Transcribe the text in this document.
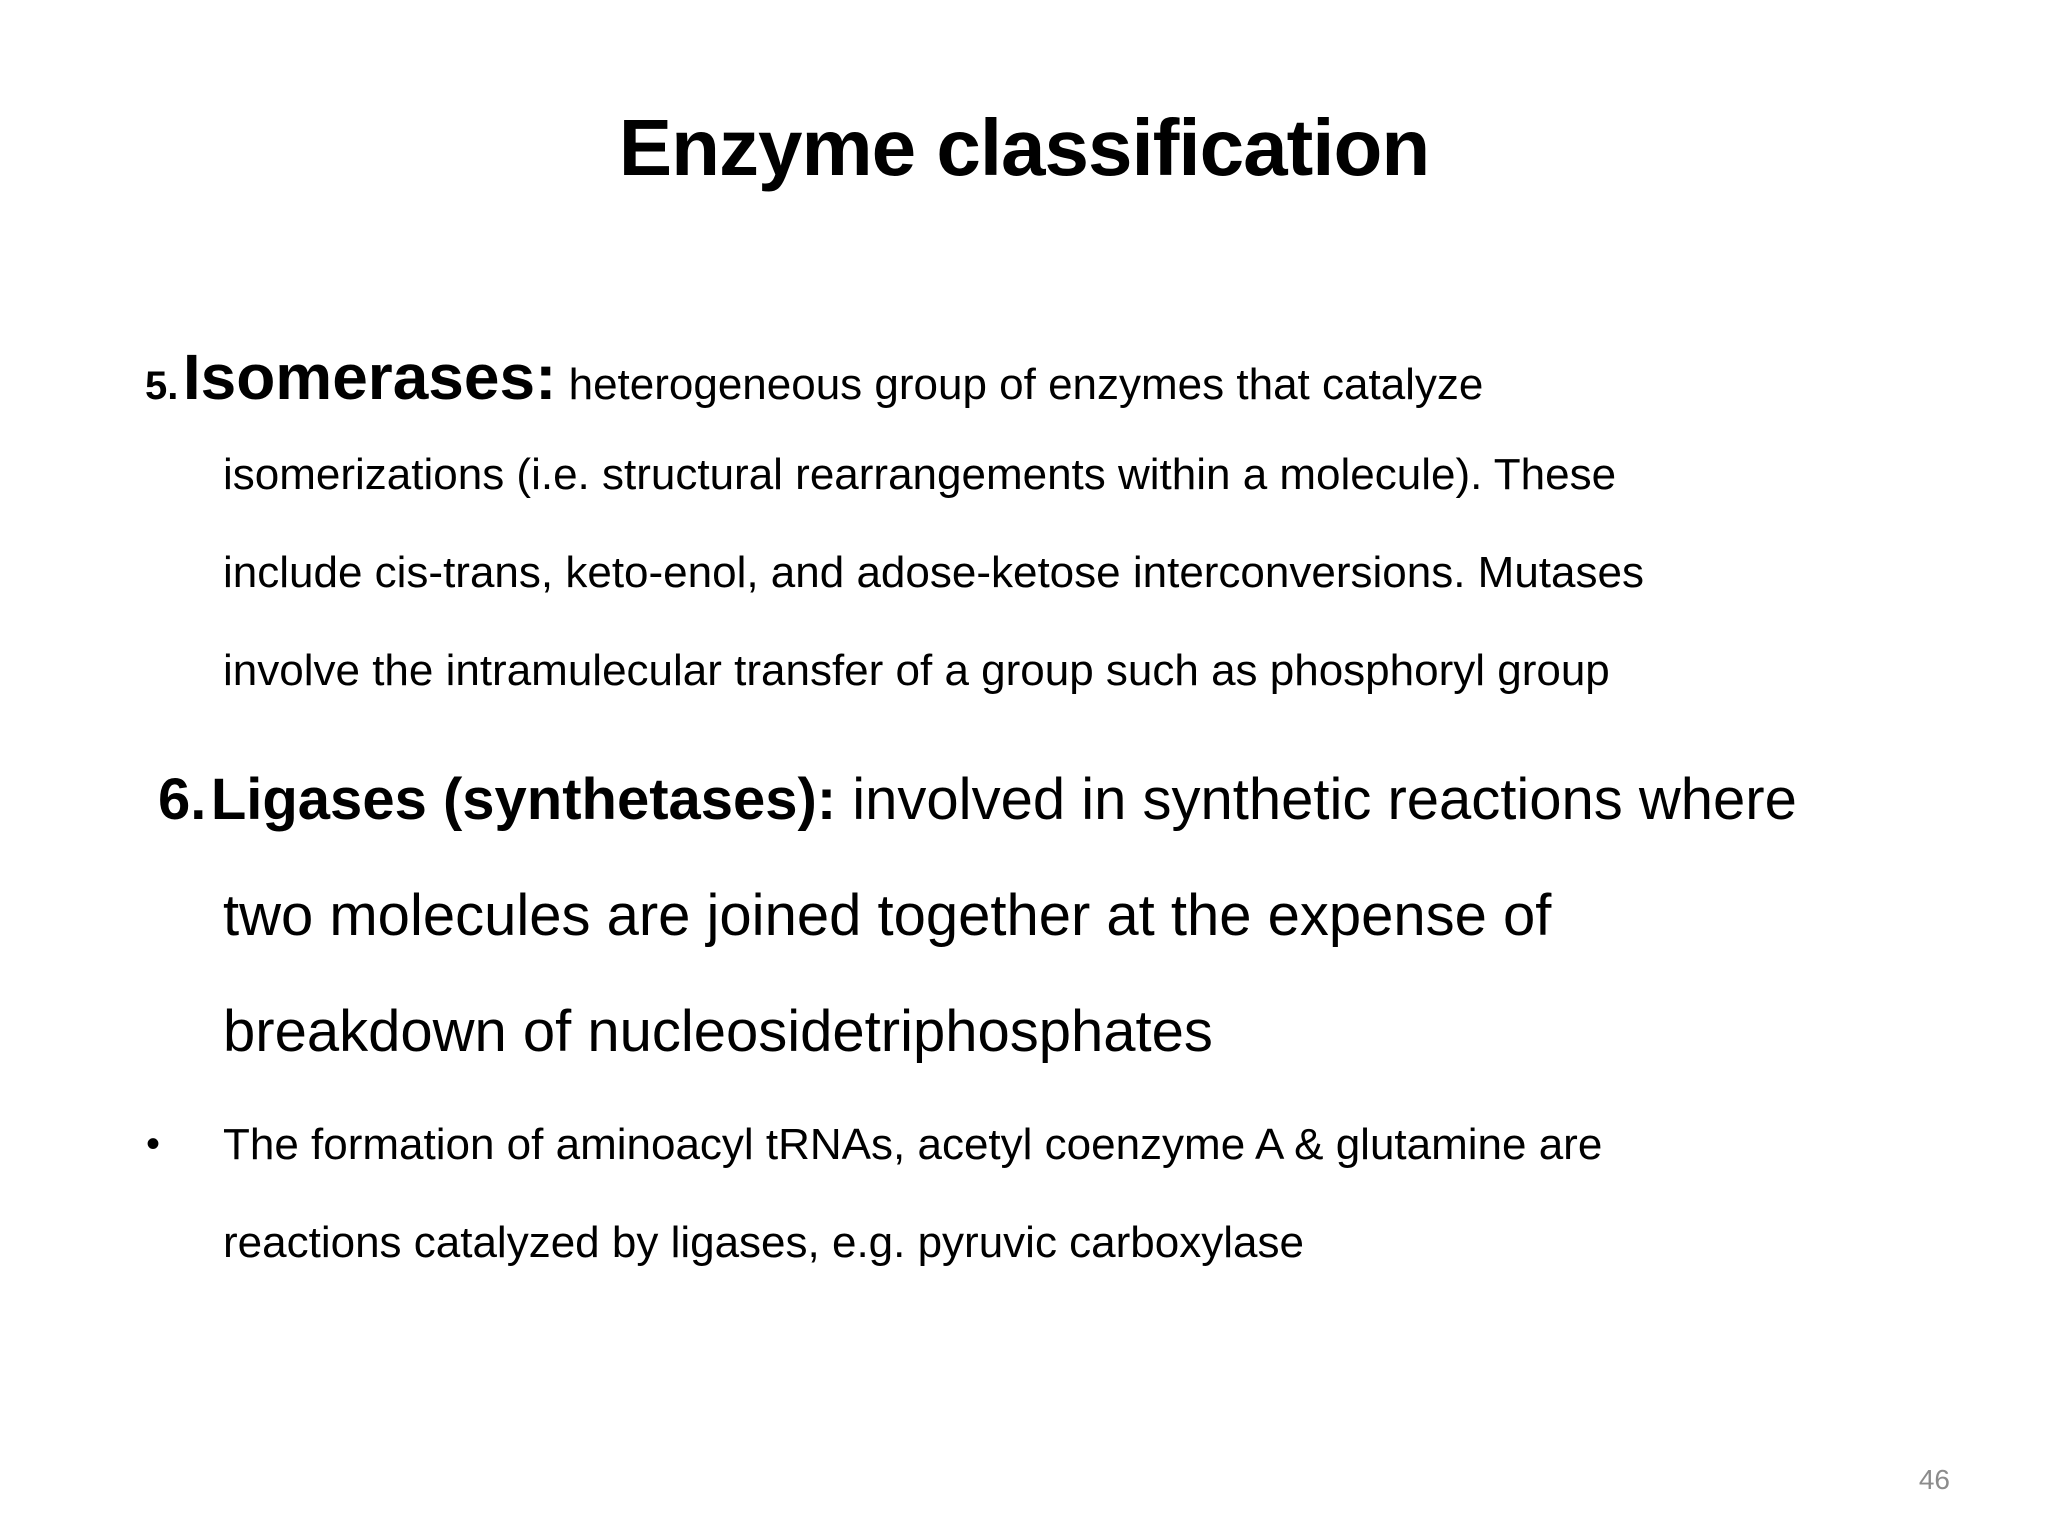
Enzyme classification
5. Isomerases: heterogeneous group of enzymes that catalyze
isomerizations (i.e. structural rearrangements within a molecule). These
include cis-trans, keto-enol, and adose-ketose interconversions. Mutases
involve the intramulecular transfer of a group such as phosphoryl group
6. Ligases (synthetases): involved in synthetic reactions where
two molecules are joined together at the expense of
breakdown of nucleosidetriphosphates
• The formation of aminoacyl tRNAs, acetyl coenzyme A & glutamine are
reactions catalyzed by ligases, e.g. pyruvic carboxylase
46
